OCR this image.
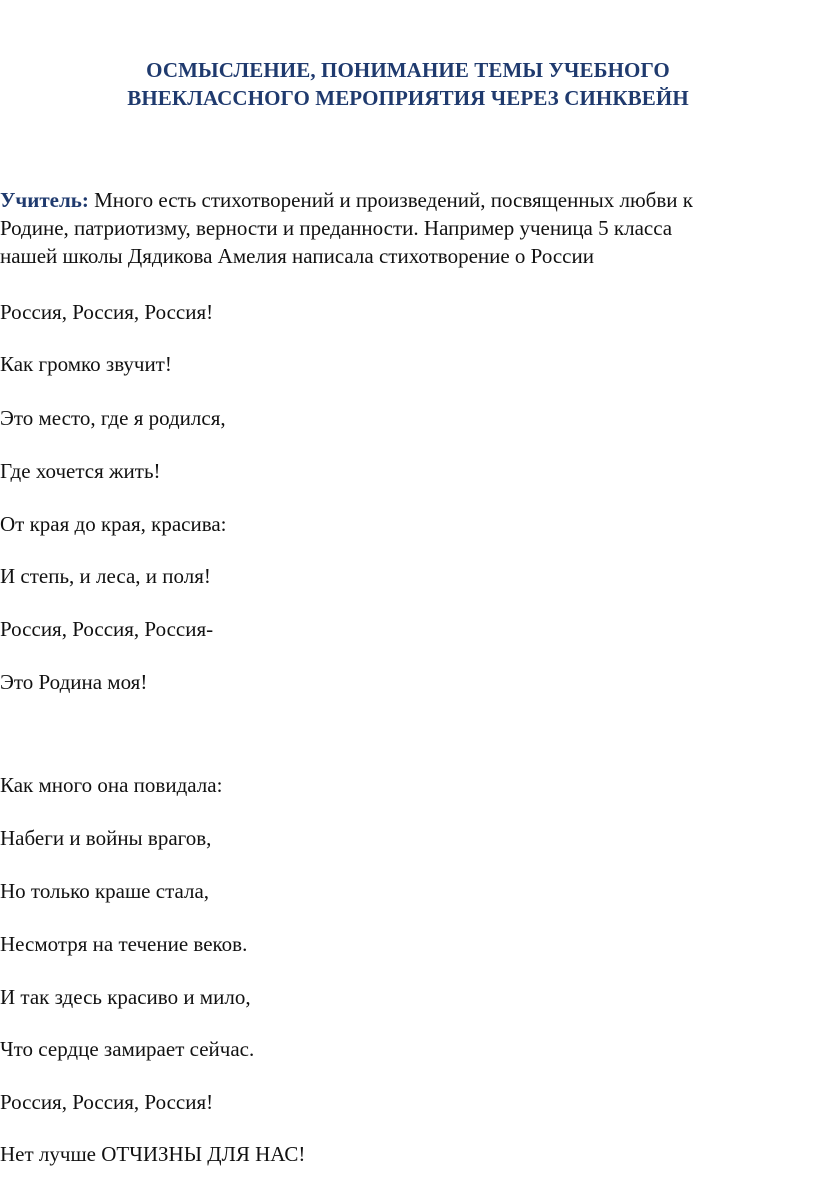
ОСМЫСЛЕНИЕ, ПОНИМАНИЕ ТЕМЫ УЧЕБНОГО
ВНЕКЛАССНОГО МЕРОПРИЯТИЯ ЧЕРЕЗ СИНКВЕЙН
Учитель: Много есть стихотворений и произведений, посвященных любви к
Родине, патриотизму, верности и преданности. Например ученица 5 класса
нашей школы Дядикова Амелия написала стихотворение о России
Россия, Россия, Россия!
Как громко звучит!
Это место, где я родился,
Где хочется жить!
От края до края, красива:
И степь, и леса, и поля!
Россия, Россия, Россия-
Это Родина моя!
Как много она повидала:
Набеги и войны врагов,
Но только краше стала,
Несмотря на течение веков.
И так здесь красиво и мило,
Что сердце замирает сейчас.
Россия, Россия, Россия!
Нет лучше ОТЧИЗНЫ ДЛЯ НАС!
